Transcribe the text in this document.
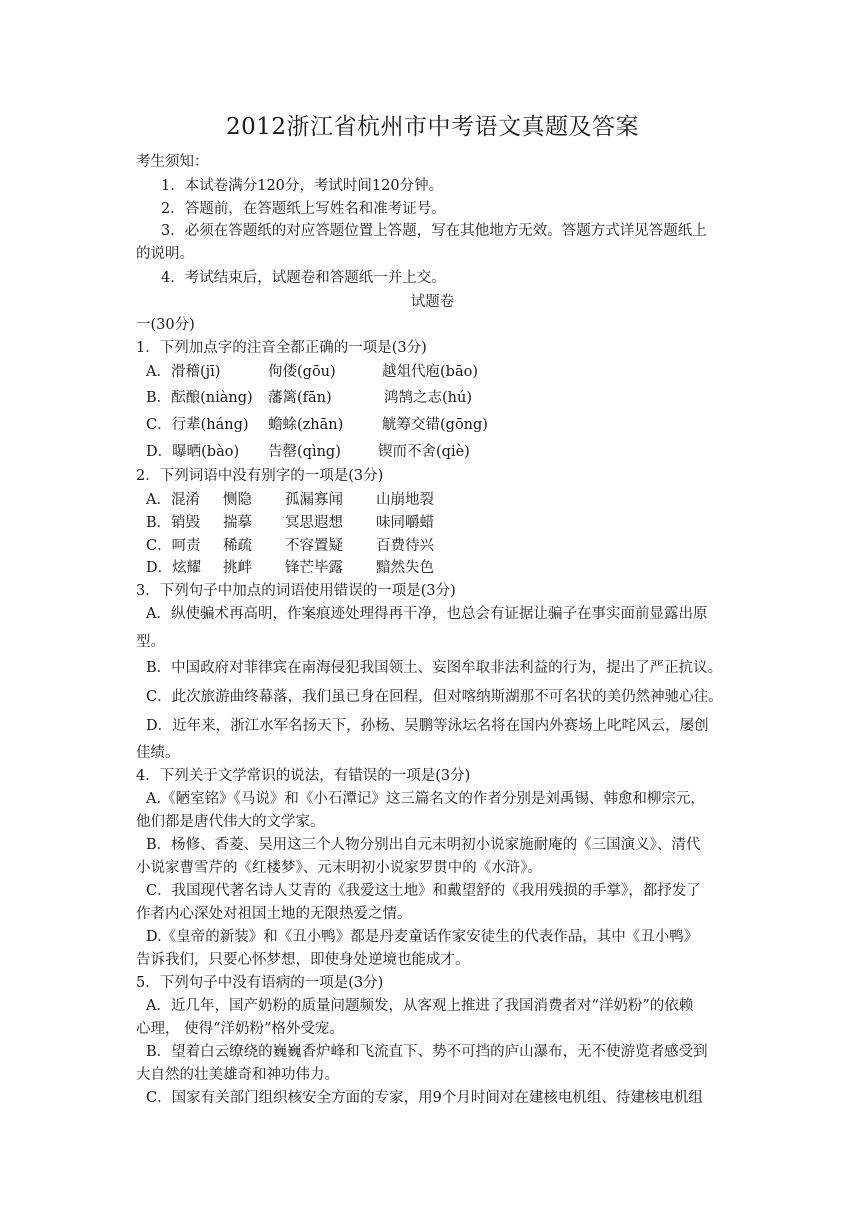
2012浙江省杭州市中考语文真题及答案
考生须知：
1．本试卷满分120分，考试时间120分钟。
2．答题前，在答题纸上写姓名和准考证号。
3．必须在答题纸的对应答题位置上答题，写在其他地方无效。答题方式详见答题纸上
的说明。
4．考试结束后，试题卷和答题纸一并上交。
试题卷
一(30分)
1．下列加点字的注音全都正确的一项是(3分)
A．滑稽(jī)	佝偻(gōu)	越俎代庖(bāo)
B．酝酿(niàng) 藩篱(fān)	鸿鹄之志(hú)
C．行辈(háng) 蟾蜍(zhān)	觥筹交错(gōng)
D．曝晒(bào) 告罄(qìng)	锲而不舍(qiè)
2．下列词语中没有别字的一项是(3分)
A．混淆 恻隐 孤漏寡闻 山崩地裂
B．销毁 揣摹 冥思遐想 味同嚼蜡
C．呵责 稀疏 不容置疑 百费待兴
D．炫耀 挑衅 锋芒毕露 黯然失色
3．下列句子中加点的词语使用错误的一项是(3分)
A．纵使骗术再高明，作案痕迹处理得再干净，也总会有证据让骗子在事实面前显露出原
型。
B．中国政府对菲律宾在南海侵犯我国领土、妄图牟取非法利益的行为，提出了严正抗议。
C．此次旅游曲终幕落，我们虽已身在回程，但对喀纳斯湖那不可名状的美仍然神驰心往。
D．近年来，浙江水军名扬天下，孙杨、吴鹏等泳坛名将在国内外赛场上叱咤风云，屡创
佳绩。
4．下列关于文学常识的说法，有错误的一项是(3分)
A.《陋室铭》《马说》和《小石潭记》这三篇名文的作者分别是刘禹锡、韩愈和柳宗元，
他们都是唐代伟大的文学家。
B．杨修、香菱、吴用这三个人物分别出自元末明初小说家施耐庵的《三国演义》、清代
小说家曹雪芹的《红楼梦》、元末明初小说家罗贯中的《水浒》。
C．我国现代著名诗人艾青的《我爱这土地》和戴望舒的《我用残损的手掌》，都抒发了
作者内心深处对祖国土地的无限热爱之情。
D.《皇帝的新装》和《丑小鸭》都是丹麦童话作家安徒生的代表作品，其中《丑小鸭》
告诉我们，只要心怀梦想，即使身处逆境也能成才。
5．下列句子中没有语病的一项是(3分)
A．近几年，国产奶粉的质量问题频发，从客观上推进了我国消费者对“洋奶粉”的依赖
心理， 使得“洋奶粉”格外受宠。
B．望着白云缭绕的巍巍香炉峰和飞流直下、势不可挡的庐山瀑布，无不使游览者感受到
大自然的壮美雄奇和神功伟力。
C．国家有关部门组织核安全方面的专家，用9个月时间对在建核电机组、待建核电机组
